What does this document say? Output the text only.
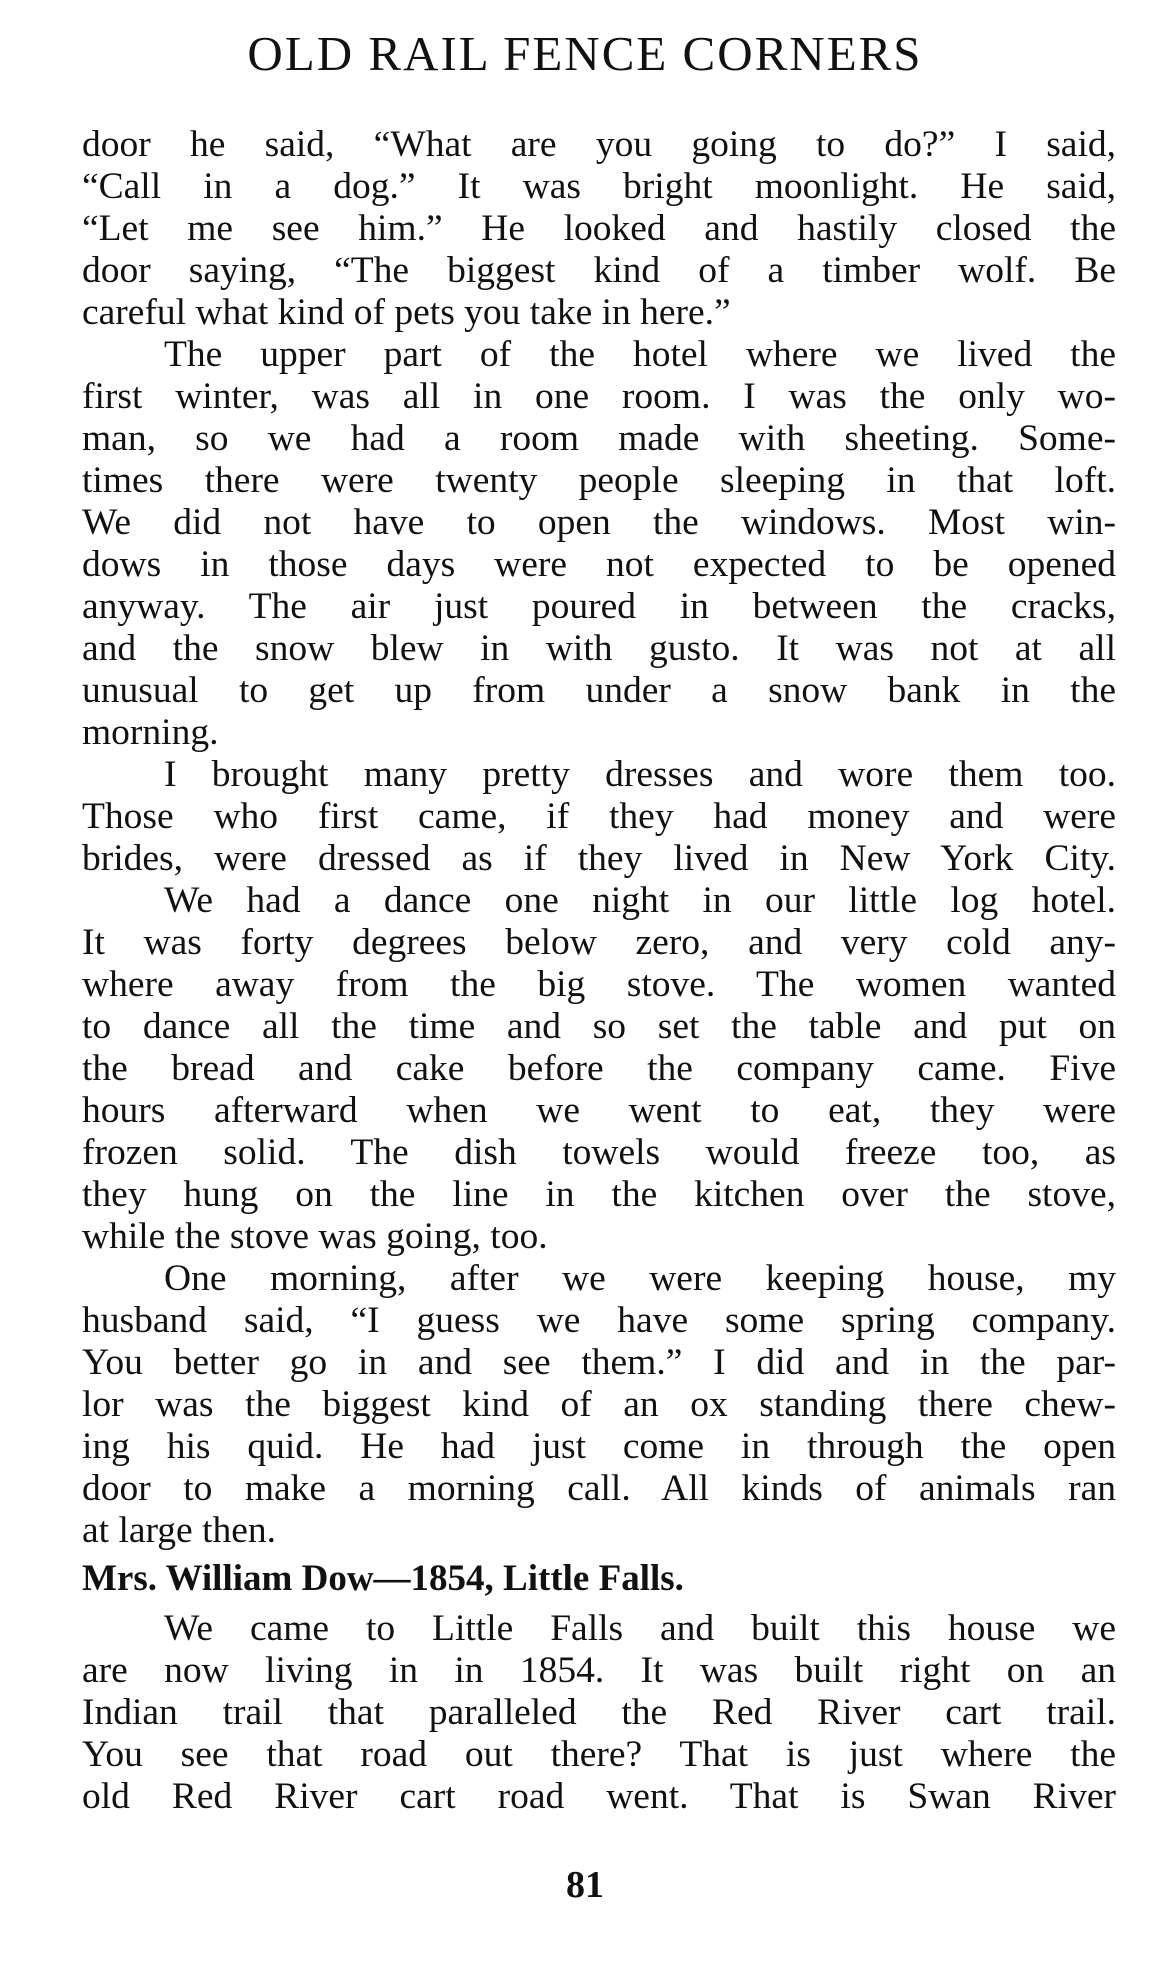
OLD RAIL FENCE CORNERS
door he said, “What are you going to do?” I said,
“Call in a dog.” It was bright moonlight. He said,
“Let me see him.” He looked and hastily closed the
door saying, “The biggest kind of a timber wolf. Be
careful what kind of pets you take in here.”
The upper part of the hotel where we lived the
first winter, was all in one room. I was the only wo-
man, so we had a room made with sheeting. Some-
times there were twenty people sleeping in that loft.
We did not have to open the windows. Most win-
dows in those days were not expected to be opened
anyway. The air just poured in between the cracks,
and the snow blew in with gusto. It was not at all
unusual to get up from under a snow bank in the
morning.
I brought many pretty dresses and wore them too.
Those who first came, if they had money and were
brides, were dressed as if they lived in New York City.
We had a dance one night in our little log hotel.
It was forty degrees below zero, and very cold any-
where away from the big stove. The women wanted
to dance all the time and so set the table and put on
the bread and cake before the company came. Five
hours afterward when we went to eat, they were
frozen solid. The dish towels would freeze too, as
they hung on the line in the kitchen over the stove,
while the stove was going, too.
One morning, after we were keeping house, my
husband said, “I guess we have some spring company.
You better go in and see them.” I did and in the par-
lor was the biggest kind of an ox standing there chew-
ing his quid. He had just come in through the open
door to make a morning call. All kinds of animals ran
at large then.
Mrs. William Dow—1854, Little Falls.
We came to Little Falls and built this house we
are now living in in 1854. It was built right on an
Indian trail that paralleled the Red River cart trail.
You see that road out there? That is just where the
old Red River cart road went. That is Swan River
81
